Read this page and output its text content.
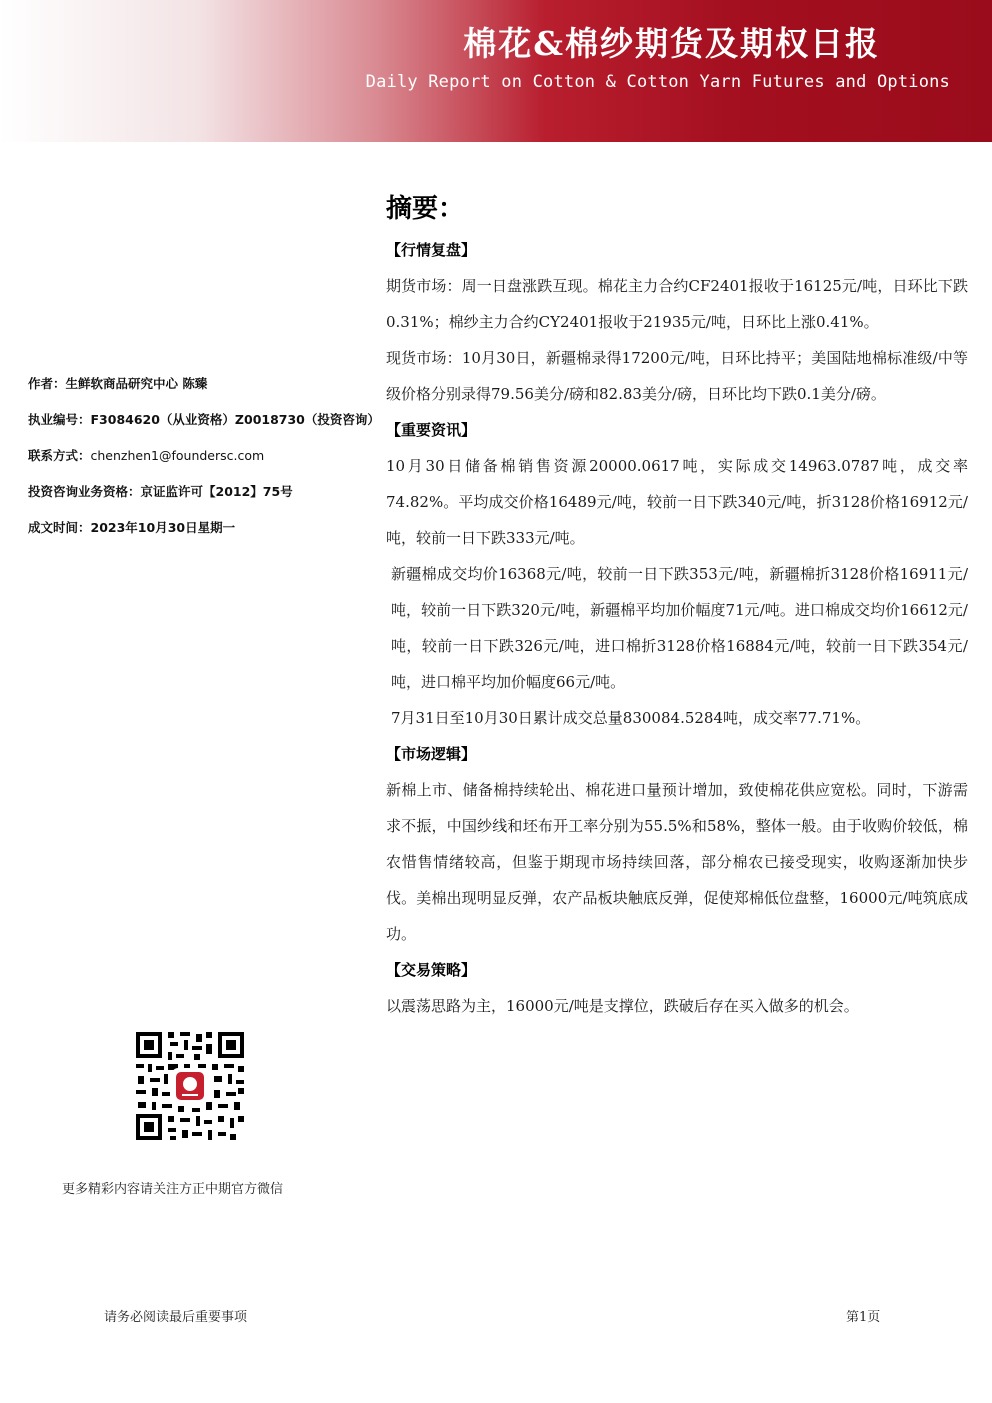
棉花&棉纱期货及期权日报
Daily Report on Cotton & Cotton Yarn Futures and Options
作者：生鲜软商品研究中心 陈臻
执业编号：F3084620（从业资格）Z0018730（投资咨询）
联系方式：chenzhen1@foundersc.com
投资咨询业务资格：京证监许可【2012】75号
成文时间：2023年10月30日星期一
更多精彩内容请关注方正中期官方微信
摘要：
【行情复盘】
期货市场：周一日盘涨跌互现。棉花主力合约CF2401报收于16125元/吨，日环比下跌0.31%；棉纱主力合约CY2401报收于21935元/吨，日环比上涨0.41%。
现货市场：10月30日，新疆棉录得17200元/吨，日环比持平；美国陆地棉标准级/中等级价格分别录得79.56美分/磅和82.83美分/磅，日环比均下跌0.1美分/磅。
【重要资讯】
10月30日储备棉销售资源20000.0617吨，实际成交14963.0787吨，成交率74.82%。平均成交价格16489元/吨，较前一日下跌340元/吨，折3128价格16912元/吨，较前一日下跌333元/吨。
新疆棉成交均价16368元/吨，较前一日下跌353元/吨，新疆棉折3128价格16911元/吨，较前一日下跌320元/吨，新疆棉平均加价幅度71元/吨。进口棉成交均价16612元/吨，较前一日下跌326元/吨，进口棉折3128价格16884元/吨，较前一日下跌354元/吨，进口棉平均加价幅度66元/吨。
7月31日至10月30日累计成交总量830084.5284吨，成交率77.71%。
【市场逻辑】
新棉上市、储备棉持续轮出、棉花进口量预计增加，致使棉花供应宽松。同时，下游需求不振，中国纱线和坯布开工率分别为55.5%和58%，整体一般。由于收购价较低，棉农惜售情绪较高，但鉴于期现市场持续回落，部分棉农已接受现实，收购逐渐加快步伐。美棉出现明显反弹，农产品板块触底反弹，促使郑棉低位盘整，16000元/吨筑底成功。
【交易策略】
以震荡思路为主，16000元/吨是支撑位，跌破后存在买入做多的机会。
请务必阅读最后重要事项	第1页
